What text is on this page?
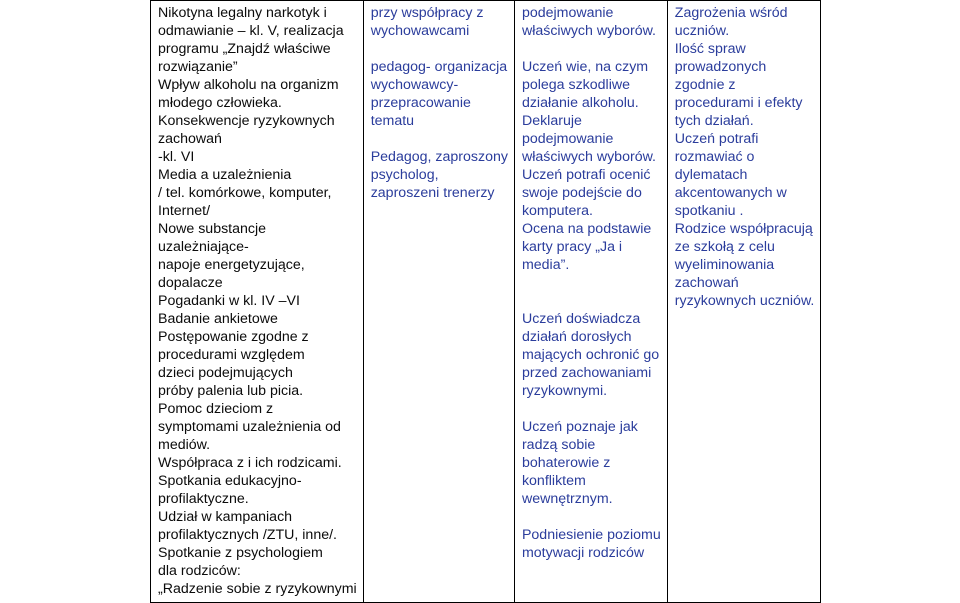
Nikotyna legalny narkotyk i
odmawianie – kl. V, realizacja
programu „Znajdź właściwe
rozwiązanie”
Wpływ alkoholu na organizm
młodego człowieka.
Konsekwencje ryzykownych
zachowań
-kl. VI
Media a uzależnienia
/ tel. komórkowe, komputer,
Internet/
Nowe substancje
uzależniające-
napoje energetyzujące,
dopalacze
Pogadanki w kl. IV –VI
Badanie ankietowe
Postępowanie zgodne z
procedurami względem
dzieci podejmujących
próby palenia lub picia.
Pomoc dzieciom z
symptomami uzależnienia od
mediów.
Współpraca z i ich rodzicami.
Spotkania edukacyjno-
profilaktyczne.
Udział w kampaniach
profilaktycznych /ZTU, inne/.
Spotkanie z psychologiem
dla rodziców:
„Radzenie sobie z ryzykownymi

przy współpracy z
wychowawcami
pedagog- organizacja
wychowawcy-
przepracowanie
tematu
Pedagog, zaproszony
psycholog,
zaproszeni trenerzy

podejmowanie
właściwych wyborów.
Uczeń wie, na czym
polega szkodliwe
działanie alkoholu.
Deklaruje
podejmowanie
właściwych wyborów.
Uczeń potrafi ocenić
swoje podejście do
komputera.
Ocena na podstawie
karty pracy „Ja i
media”.
Uczeń doświadcza
działań dorosłych
mających ochronić go
przed zachowaniami
ryzykownymi.
Uczeń poznaje jak
radzą sobie
bohaterowie z
konfliktem
wewnętrznym.
Podniesienie poziomu
motywacji rodziców

Zagrożenia wśród
uczniów.
Ilość spraw
prowadzonych
zgodnie z
procedurami i efekty
tych działań.
Uczeń potrafi
rozmawiać o
dylematach
akcentowanych w
spotkaniu .
Rodzice współpracują
ze szkołą z celu
wyeliminowania
zachowań
ryzykownych uczniów.
